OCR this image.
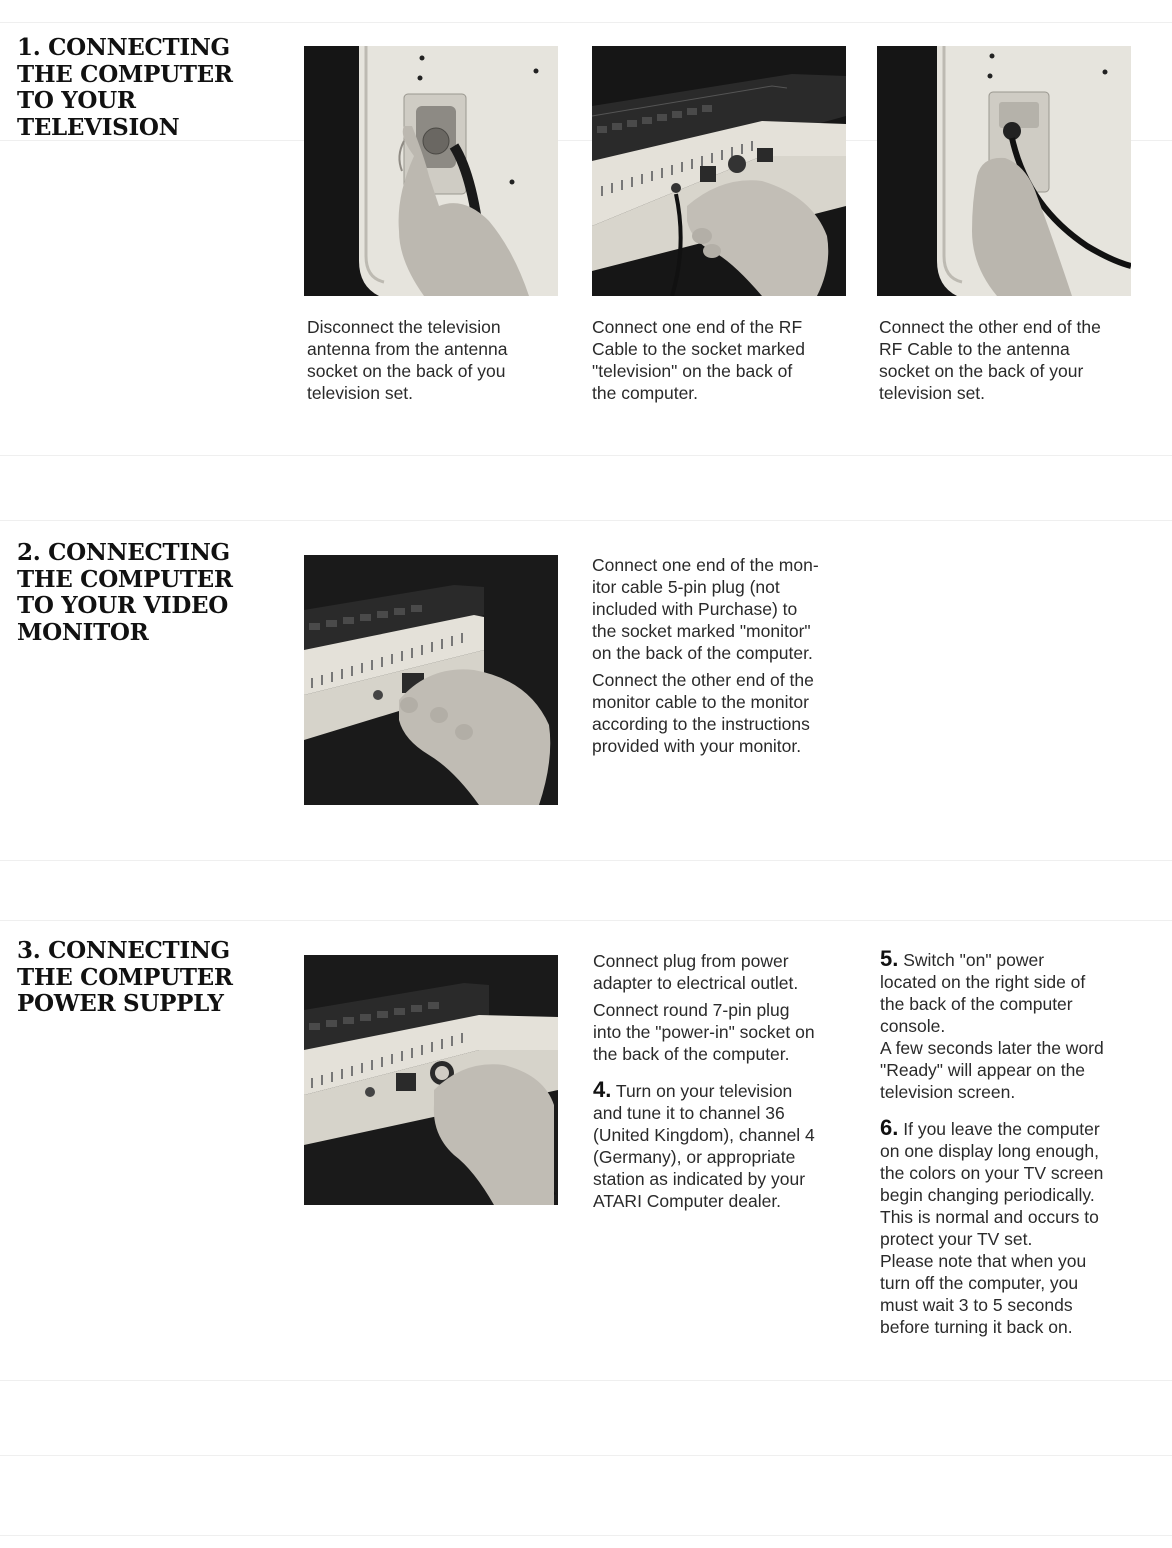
1. CONNECTING
THE COMPUTER
TO YOUR
TELEVISION

Disconnect the television
antenna from the antenna
socket on the back of you
television set.

Connect one end of the RF
Cable to the socket marked
"television" on the back of
the computer.

Connect the other end of the
RF Cable to the antenna
socket on the back of your
television set.

2. CONNECTING
THE COMPUTER
TO YOUR VIDEO
MONITOR

Connect one end of the mon-
itor cable 5-pin plug (not
included with Purchase) to
the socket marked "monitor"
on the back of the computer.

Connect the other end of the
monitor cable to the monitor
according to the instructions
provided with your monitor.

3. CONNECTING
THE COMPUTER
POWER SUPPLY

Connect plug from power
adapter to electrical outlet.

Connect round 7-pin plug
into the "power-in" socket on
the back of the computer.

4. Turn on your television
and tune it to channel 36
(United Kingdom), channel 4
(Germany), or appropriate
station as indicated by your
ATARI Computer dealer.

5. Switch "on" power
located on the right side of
the back of the computer
console.
A few seconds later the word
"Ready" will appear on the
television screen.

6. If you leave the computer
on one display long enough,
the colors on your TV screen
begin changing periodically.
This is normal and occurs to
protect your TV set.
Please note that when you
turn off the computer, you
must wait 3 to 5 seconds
before turning it back on.
